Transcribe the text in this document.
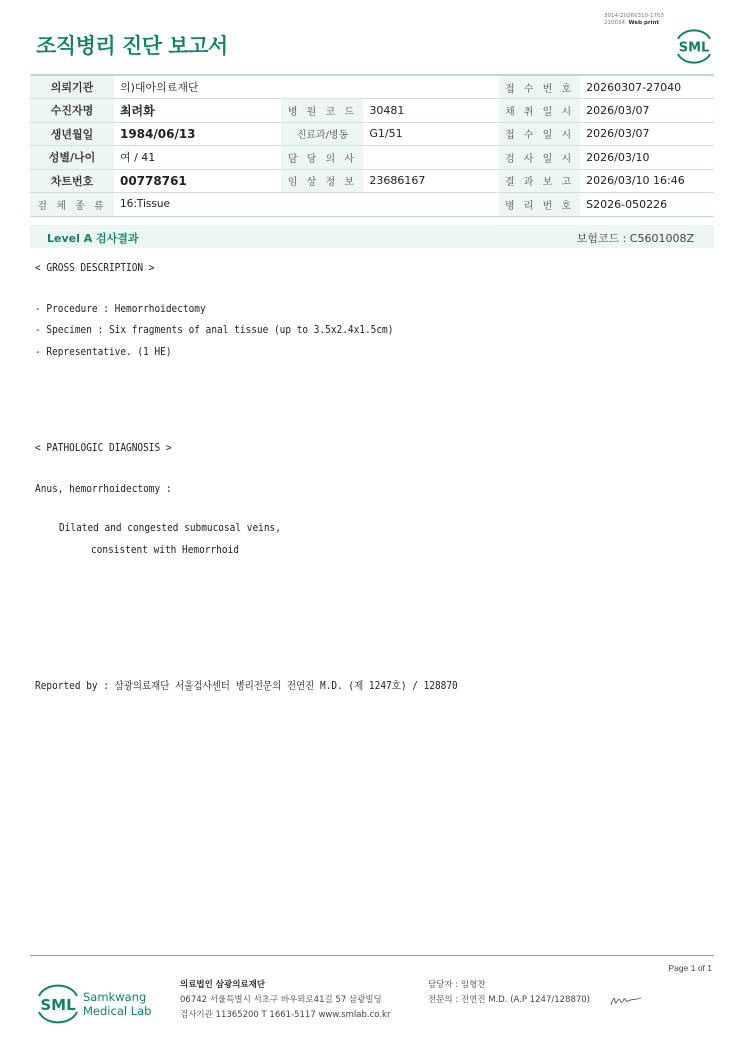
3014-20260310-1703
210034 Web print
조직병리 진단 보고서	SML
의뢰기관	의)대아의료재단			접 수 번 호	20260307-27040
수진자명	최려화	병 원 코 드	30481	채 취 일 시	2026/03/07
생년월일	1984/06/13	진료과/병동	G1/51	접 수 일 시	2026/03/07
성별/나이	여 / 41	담 당 의 사		검 사 일 시	2026/03/10
차트번호	00778761	임 상 정 보	23686167	결 과 보 고	2026/03/10 16:46
검 체 종 류	16:Tissue			병 리 번 호	S2026-050226
Level A 검사결과	보험코드 : C5601008Z
< GROSS DESCRIPTION >
- Procedure : Hemorrhoidectomy
- Specimen : Six fragments of anal tissue (up to 3.5x2.4x1.5cm)
- Representative. (1 HE)
< PATHOLOGIC DIAGNOSIS >
Anus, hemorrhoidectomy :
Dilated and congested submucosal veins,
consistent with Hemorrhoid
Reported by : 삼광의료재단 서울검사센터 병리전문의 전연진 M.D. (제 1247호) / 128870
Page 1 of 1
SML Samkwang
Medical Lab
의료법인 삼광의료재단
06742 서울특별시 서초구 바우뫼로41길 57 삼광빌딩
검사기관 11365200 T 1661-5117 www.smlab.co.kr
담당자 : 임형찬
전문의 : 전연진 M.D. (A.P 1247/128870)
